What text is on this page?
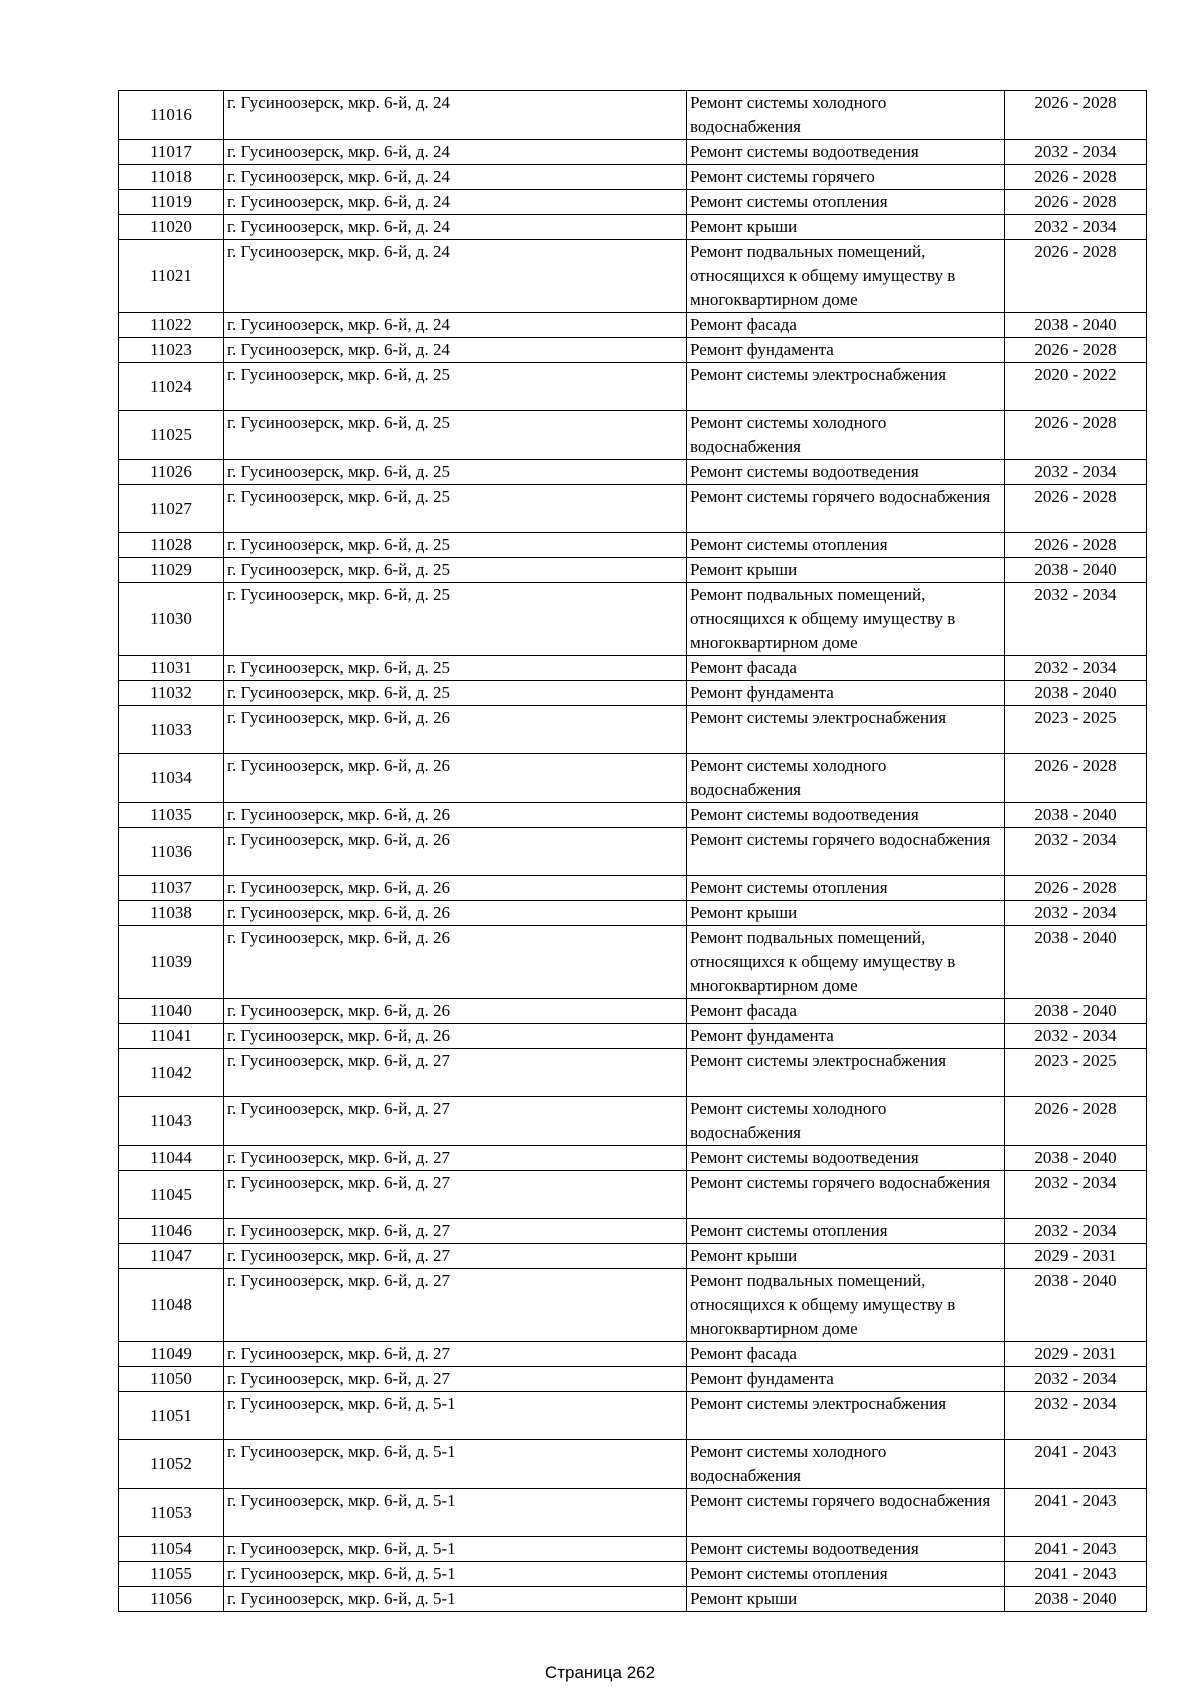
11016	г. Гусиноозерск, мкр. 6-й, д. 24	Ремонт системы холодного водоснабжения	2026 - 2028
11017	г. Гусиноозерск, мкр. 6-й, д. 24	Ремонт системы водоотведения	2032 - 2034
11018	г. Гусиноозерск, мкр. 6-й, д. 24	Ремонт системы горячего	2026 - 2028
11019	г. Гусиноозерск, мкр. 6-й, д. 24	Ремонт системы отопления	2026 - 2028
11020	г. Гусиноозерск, мкр. 6-й, д. 24	Ремонт крыши	2032 - 2034
11021	г. Гусиноозерск, мкр. 6-й, д. 24	Ремонт подвальных помещений, относящихся к общему имуществу в многоквартирном доме	2026 - 2028
11022	г. Гусиноозерск, мкр. 6-й, д. 24	Ремонт фасада	2038 - 2040
11023	г. Гусиноозерск, мкр. 6-й, д. 24	Ремонт фундамента	2026 - 2028
11024	г. Гусиноозерск, мкр. 6-й, д. 25	Ремонт системы электроснабжения	2020 - 2022
11025	г. Гусиноозерск, мкр. 6-й, д. 25	Ремонт системы холодного водоснабжения	2026 - 2028
11026	г. Гусиноозерск, мкр. 6-й, д. 25	Ремонт системы водоотведения	2032 - 2034
11027	г. Гусиноозерск, мкр. 6-й, д. 25	Ремонт системы горячего водоснабжения	2026 - 2028
11028	г. Гусиноозерск, мкр. 6-й, д. 25	Ремонт системы отопления	2026 - 2028
11029	г. Гусиноозерск, мкр. 6-й, д. 25	Ремонт крыши	2038 - 2040
11030	г. Гусиноозерск, мкр. 6-й, д. 25	Ремонт подвальных помещений, относящихся к общему имуществу в многоквартирном доме	2032 - 2034
11031	г. Гусиноозерск, мкр. 6-й, д. 25	Ремонт фасада	2032 - 2034
11032	г. Гусиноозерск, мкр. 6-й, д. 25	Ремонт фундамента	2038 - 2040
11033	г. Гусиноозерск, мкр. 6-й, д. 26	Ремонт системы электроснабжения	2023 - 2025
11034	г. Гусиноозерск, мкр. 6-й, д. 26	Ремонт системы холодного водоснабжения	2026 - 2028
11035	г. Гусиноозерск, мкр. 6-й, д. 26	Ремонт системы водоотведения	2038 - 2040
11036	г. Гусиноозерск, мкр. 6-й, д. 26	Ремонт системы горячего водоснабжения	2032 - 2034
11037	г. Гусиноозерск, мкр. 6-й, д. 26	Ремонт системы отопления	2026 - 2028
11038	г. Гусиноозерск, мкр. 6-й, д. 26	Ремонт крыши	2032 - 2034
11039	г. Гусиноозерск, мкр. 6-й, д. 26	Ремонт подвальных помещений, относящихся к общему имуществу в многоквартирном доме	2038 - 2040
11040	г. Гусиноозерск, мкр. 6-й, д. 26	Ремонт фасада	2038 - 2040
11041	г. Гусиноозерск, мкр. 6-й, д. 26	Ремонт фундамента	2032 - 2034
11042	г. Гусиноозерск, мкр. 6-й, д. 27	Ремонт системы электроснабжения	2023 - 2025
11043	г. Гусиноозерск, мкр. 6-й, д. 27	Ремонт системы холодного водоснабжения	2026 - 2028
11044	г. Гусиноозерск, мкр. 6-й, д. 27	Ремонт системы водоотведения	2038 - 2040
11045	г. Гусиноозерск, мкр. 6-й, д. 27	Ремонт системы горячего водоснабжения	2032 - 2034
11046	г. Гусиноозерск, мкр. 6-й, д. 27	Ремонт системы отопления	2032 - 2034
11047	г. Гусиноозерск, мкр. 6-й, д. 27	Ремонт крыши	2029 - 2031
11048	г. Гусиноозерск, мкр. 6-й, д. 27	Ремонт подвальных помещений, относящихся к общему имуществу в многоквартирном доме	2038 - 2040
11049	г. Гусиноозерск, мкр. 6-й, д. 27	Ремонт фасада	2029 - 2031
11050	г. Гусиноозерск, мкр. 6-й, д. 27	Ремонт фундамента	2032 - 2034
11051	г. Гусиноозерск, мкр. 6-й, д. 5-1	Ремонт системы электроснабжения	2032 - 2034
11052	г. Гусиноозерск, мкр. 6-й, д. 5-1	Ремонт системы холодного водоснабжения	2041 - 2043
11053	г. Гусиноозерск, мкр. 6-й, д. 5-1	Ремонт системы горячего водоснабжения	2041 - 2043
11054	г. Гусиноозерск, мкр. 6-й, д. 5-1	Ремонт системы водоотведения	2041 - 2043
11055	г. Гусиноозерск, мкр. 6-й, д. 5-1	Ремонт системы отопления	2041 - 2043
11056	г. Гусиноозерск, мкр. 6-й, д. 5-1	Ремонт крыши	2038 - 2040
Страница 262
